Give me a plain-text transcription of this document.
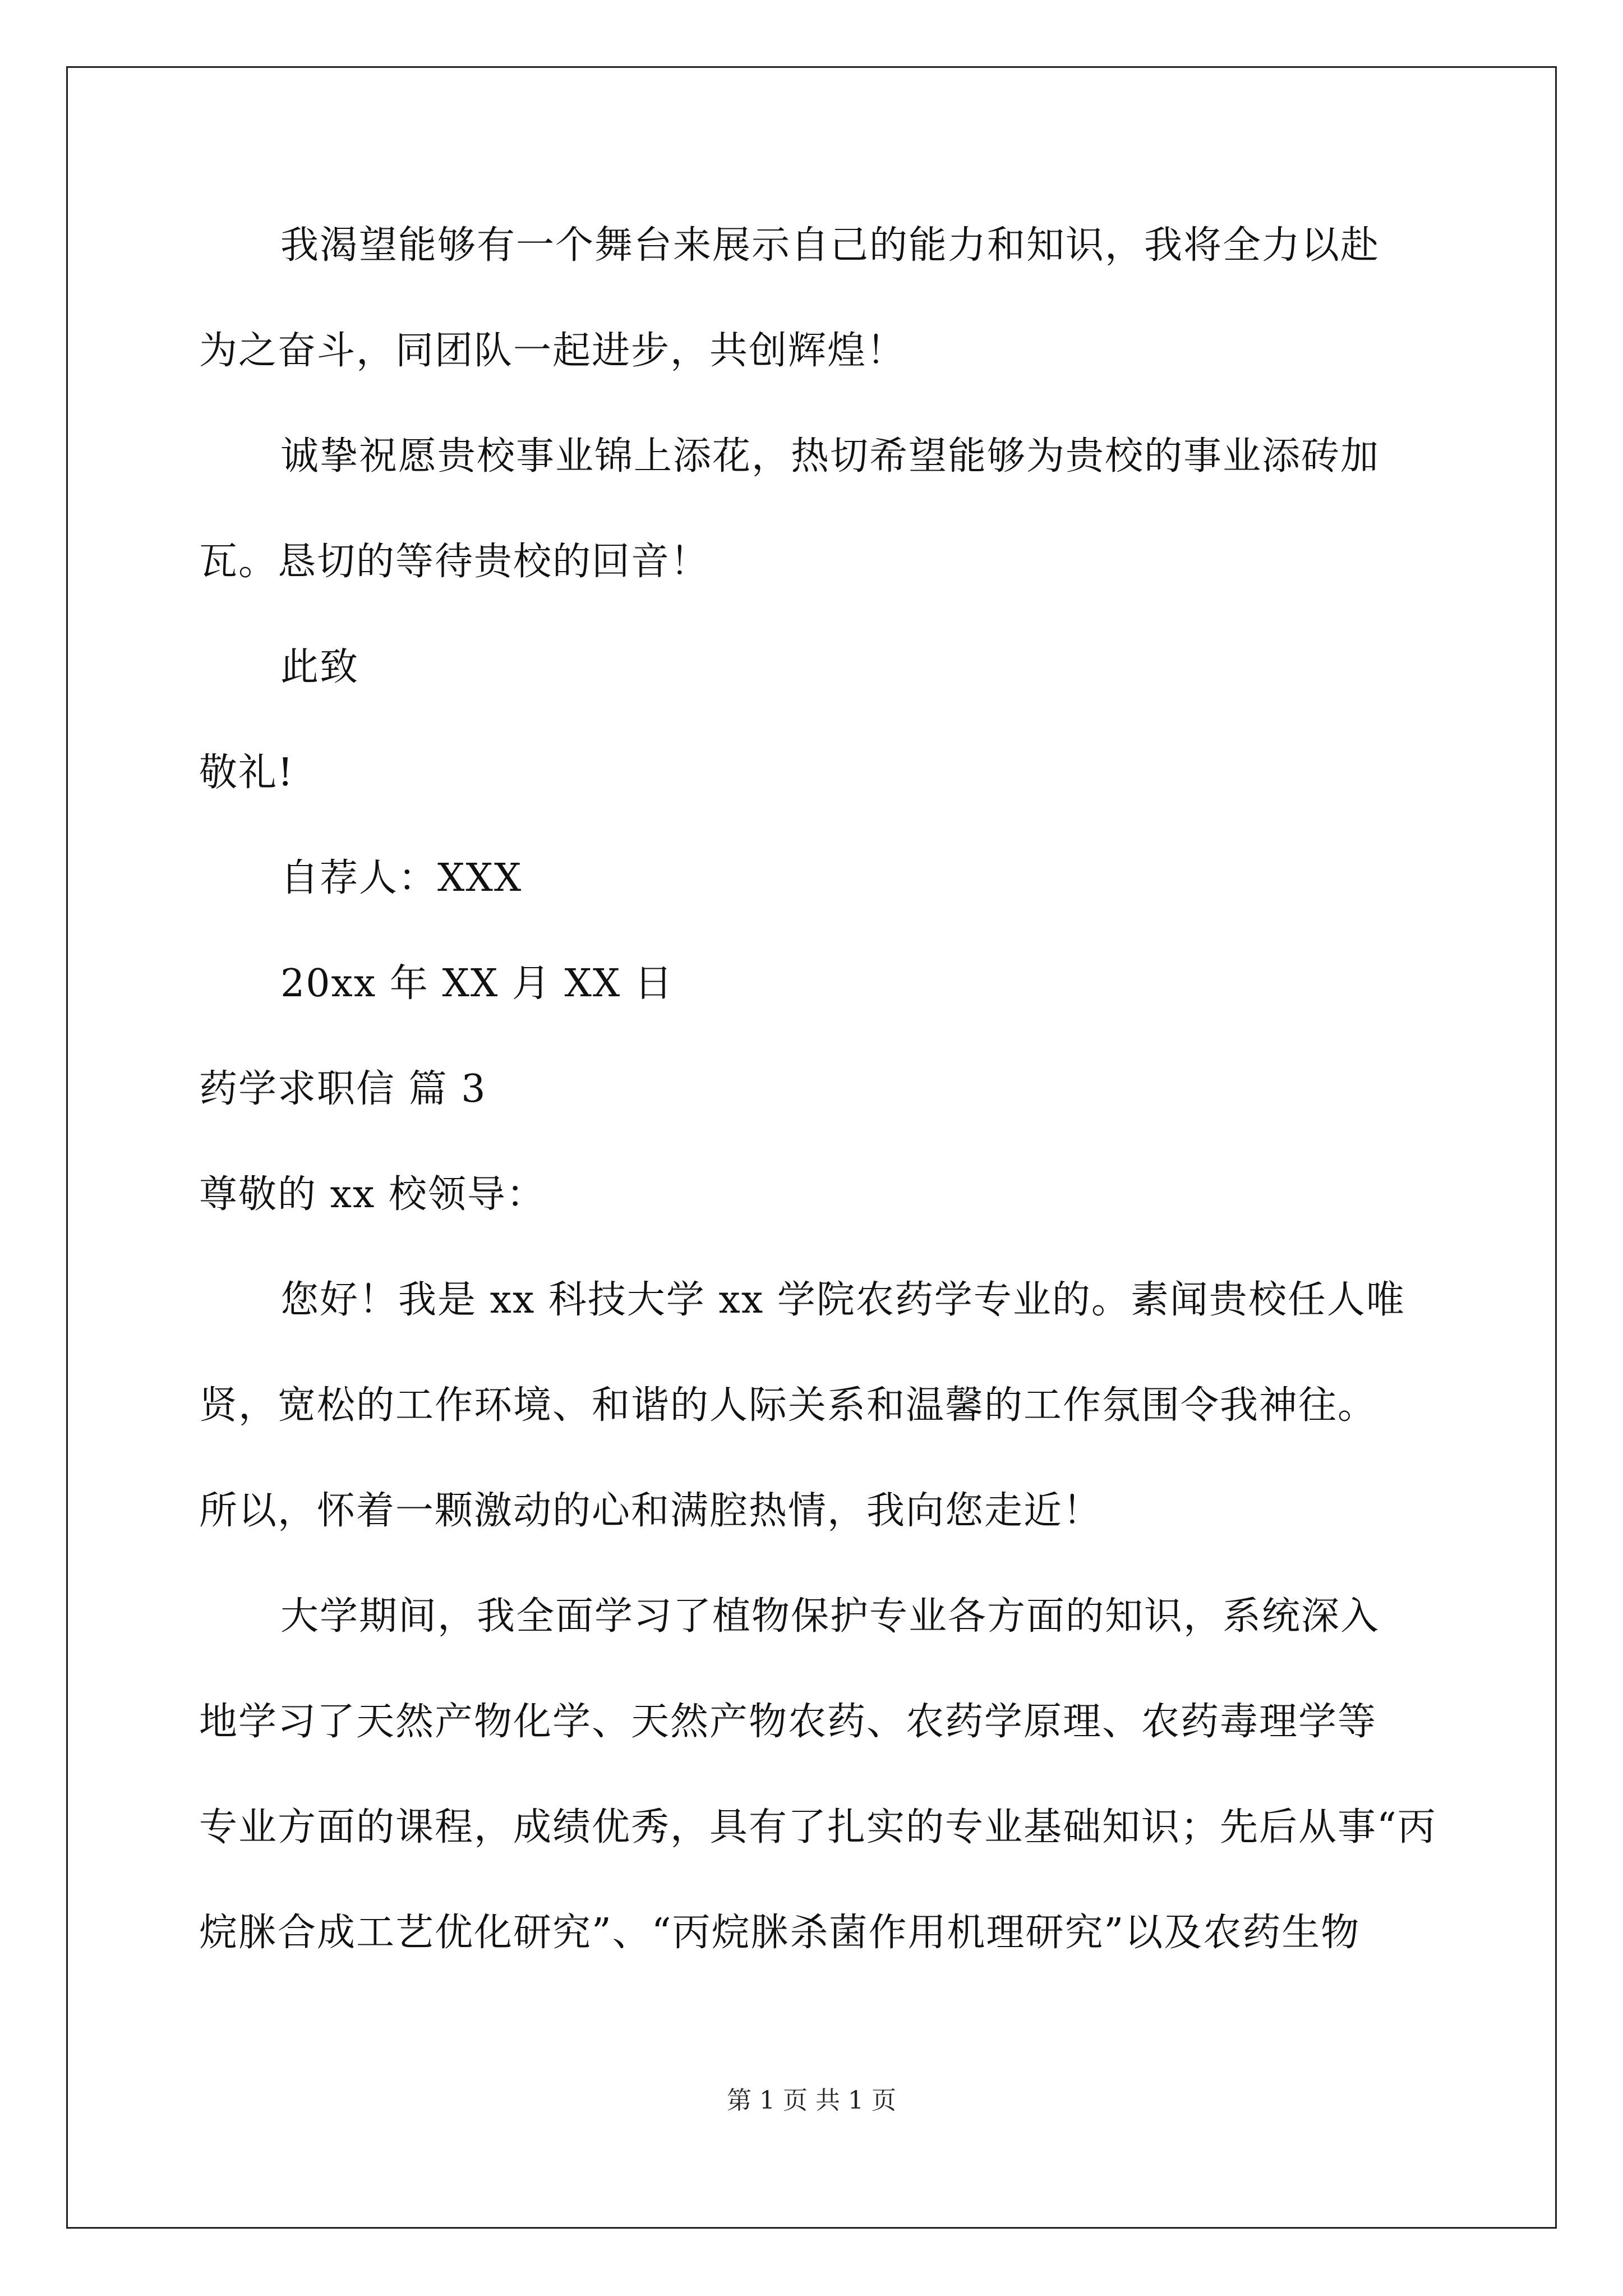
我渴望能够有一个舞台来展示自己的能力和知识，我将全力以赴

为之奋斗，同团队一起进步，共创辉煌！

诚挚祝愿贵校事业锦上添花，热切希望能够为贵校的事业添砖加

瓦。恳切的等待贵校的回音！

此致

敬礼!

自荐人：XXX

20xx 年 XX 月 XX 日

药学求职信 篇 3

尊敬的 xx 校领导：

您好！我是 xx 科技大学 xx 学院农药学专业的。素闻贵校任人唯

贤，宽松的工作环境、和谐的人际关系和温馨的工作氛围令我神往。

所以，怀着一颗激动的心和满腔热情，我向您走近！

大学期间，我全面学习了植物保护专业各方面的知识，系统深入

地学习了天然产物化学、天然产物农药、农药学原理、农药毒理学等

专业方面的课程，成绩优秀，具有了扎实的专业基础知识；先后从事“丙

烷脒合成工艺优化研究”、“丙烷脒杀菌作用机理研究”以及农药生物

第 1 页 共 1 页
